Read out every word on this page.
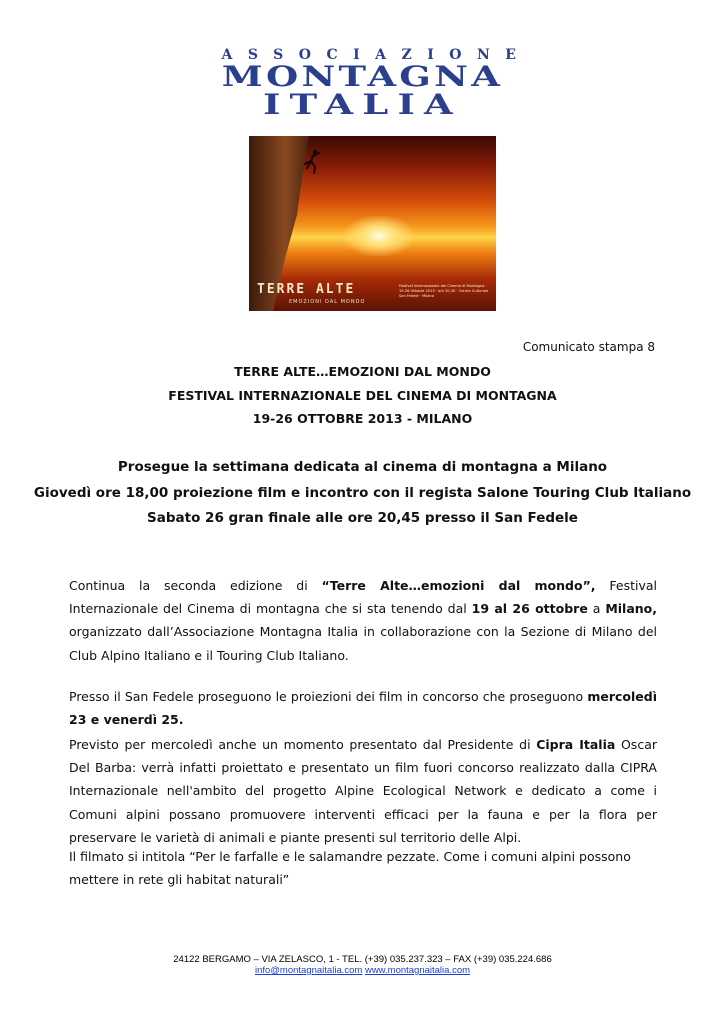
ASSOCIAZIONE
MONTAGNA
ITALIA
TERRE ALTE
EMOZIONI DAL MONDO
Festival Internazionale del Cinema di Montagna · 19-26 Ottobre 2013 · ore 20,30 · Centro Culturale San Fedele · Milano
Comunicato stampa 8
TERRE ALTE…EMOZIONI DAL MONDO
FESTIVAL INTERNAZIONALE DEL CINEMA DI MONTAGNA
19-26 OTTOBRE 2013 - MILANO
Prosegue la settimana dedicata al cinema di montagna a Milano
Giovedì ore 18,00 proiezione film e incontro con il regista Salone Touring Club Italiano
Sabato 26 gran finale alle ore 20,45 presso il San Fedele
Continua la seconda edizione di “Terre Alte…emozioni dal mondo”, Festival Internazionale del Cinema di montagna che si sta tenendo dal 19 al 26 ottobre a Milano, organizzato dall’Associazione Montagna Italia in collaborazione con la Sezione di Milano del Club Alpino Italiano e il Touring Club Italiano.
Presso il San Fedele proseguono le proiezioni dei film in concorso che proseguono mercoledì 23 e venerdì 25.
Previsto per mercoledì anche un momento presentato dal Presidente di Cipra Italia Oscar Del Barba: verrà infatti proiettato e presentato un film fuori concorso realizzato dalla CIPRA Internazionale nell'ambito del progetto Alpine Ecological Network e dedicato a come i Comuni alpini possano promuovere interventi efficaci per la fauna e per la flora per preservare le varietà di animali e piante presenti sul territorio delle Alpi.
Il filmato si intitola “Per le farfalle e le salamandre pezzate. Come i comuni alpini possono mettere in rete gli habitat naturali”
24122 BERGAMO – VIA ZELASCO, 1 - TEL. (+39) 035.237.323 – FAX (+39) 035.224.686
info@montagnaitalia.com www.montagnaitalia.com
